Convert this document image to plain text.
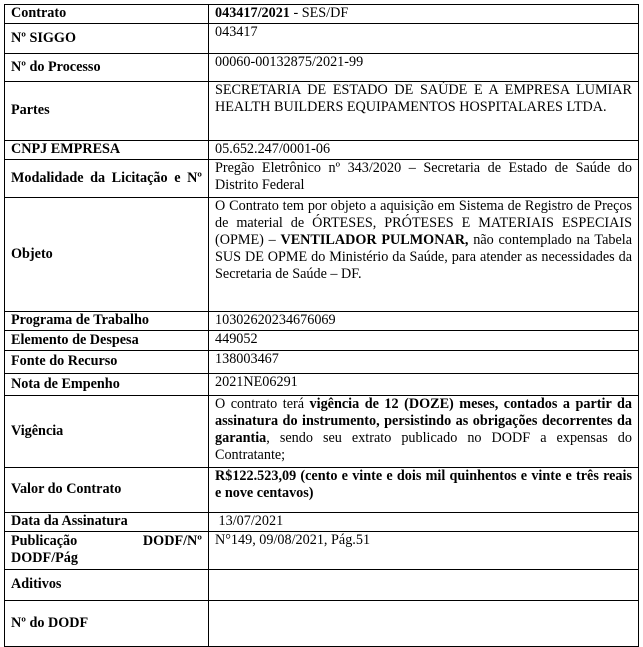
Contrato	043417/2021 - SES/DF
Nº SIGGO	043417
Nº do Processo	00060-00132875/2021-99
Partes	SECRETARIA DE ESTADO DE SAÚDE E A EMPRESA LUMIAR HEALTH BUILDERS EQUIPAMENTOS HOSPITALARES LTDA.
CNPJ EMPRESA	05.652.247/0001-06
Modalidade da Licitação e Nº	Pregão Eletrônico nº 343/2020 – Secretaria de Estado de Saúde do Distrito Federal
Objeto	O Contrato tem por objeto a aquisição em Sistema de Registro de Preços de material de ÓRTESES, PRÓTESES E MATERIAIS ESPECIAIS (OPME) – VENTILADOR PULMONAR, não contemplado na Tabela SUS DE OPME do Ministério da Saúde, para atender as necessidades da Secretaria de Saúde – DF.
Programa de Trabalho	10302620234676069
Elemento de Despesa	449052
Fonte do Recurso	138003467
Nota de Empenho	2021NE06291
Vigência	O contrato terá vigência de 12 (DOZE) meses, contados a partir da assinatura do instrumento, persistindo as obrigações decorrentes da garantia, sendo seu extrato publicado no DODF a expensas do Contratante;
Valor do Contrato	R$122.523,09 (cento e vinte e dois mil quinhentos e vinte e três reais e nove centavos)
Data da Assinatura	13/07/2021

Publicação DODF/Nº
DODF/Pág	N°149, 09/08/2021, Pág.51
Aditivos	
Nº do DODF	
